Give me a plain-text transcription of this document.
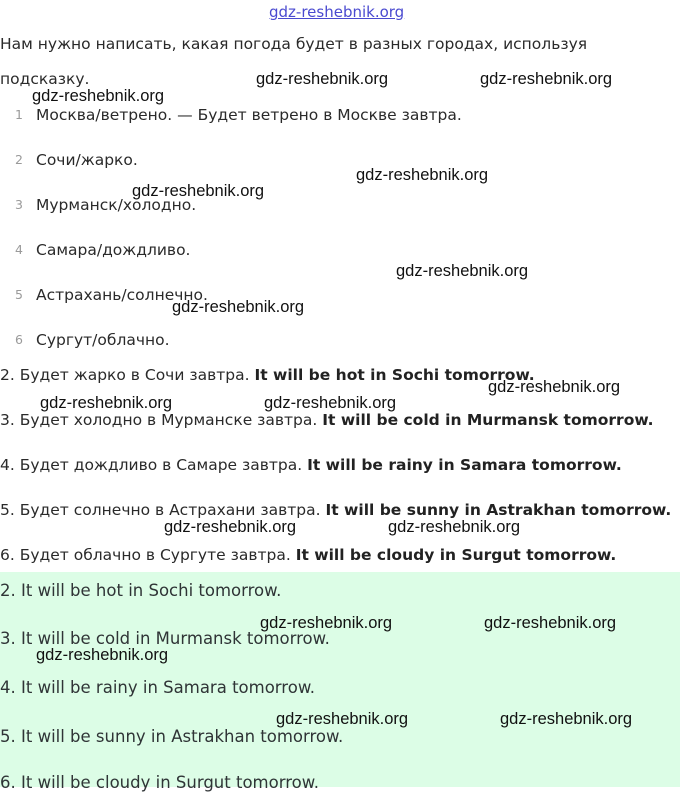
gdz-reshebnik.org
Нам нужно написать, какая погода будет в разных городах, используя
подсказку.
1 Москва/ветрено. — Будет ветрено в Москве завтра.
2 Сочи/жарко.
3 Мурманск/холодно.
4 Самара/дождливо.
5 Астрахань/солнечно.
6 Сургут/облачно.
2. Будет жарко в Сочи завтра. It will be hot in Sochi tomorrow.
3. Будет холодно в Мурманске завтра. It will be cold in Murmansk tomorrow.
4. Будет дождливо в Самаре завтра. It will be rainy in Samara tomorrow.
5. Будет солнечно в Астрахани завтра. It will be sunny in Astrakhan tomorrow.
6. Будет облачно в Сургуте завтра. It will be cloudy in Surgut tomorrow.
2. It will be hot in Sochi tomorrow.
3. It will be cold in Murmansk tomorrow.
4. It will be rainy in Samara tomorrow.
5. It will be sunny in Astrakhan tomorrow.
6. It will be cloudy in Surgut tomorrow.
gdz-reshebnik.org	gdz-reshebnik.org
gdz-reshebnik.org
gdz-reshebnik.org
gdz-reshebnik.org
gdz-reshebnik.org
gdz-reshebnik.org
gdz-reshebnik.org
gdz-reshebnik.org	gdz-reshebnik.org
gdz-reshebnik.org	gdz-reshebnik.org
gdz-reshebnik.org	gdz-reshebnik.org
gdz-reshebnik.org
gdz-reshebnik.org	gdz-reshebnik.org
